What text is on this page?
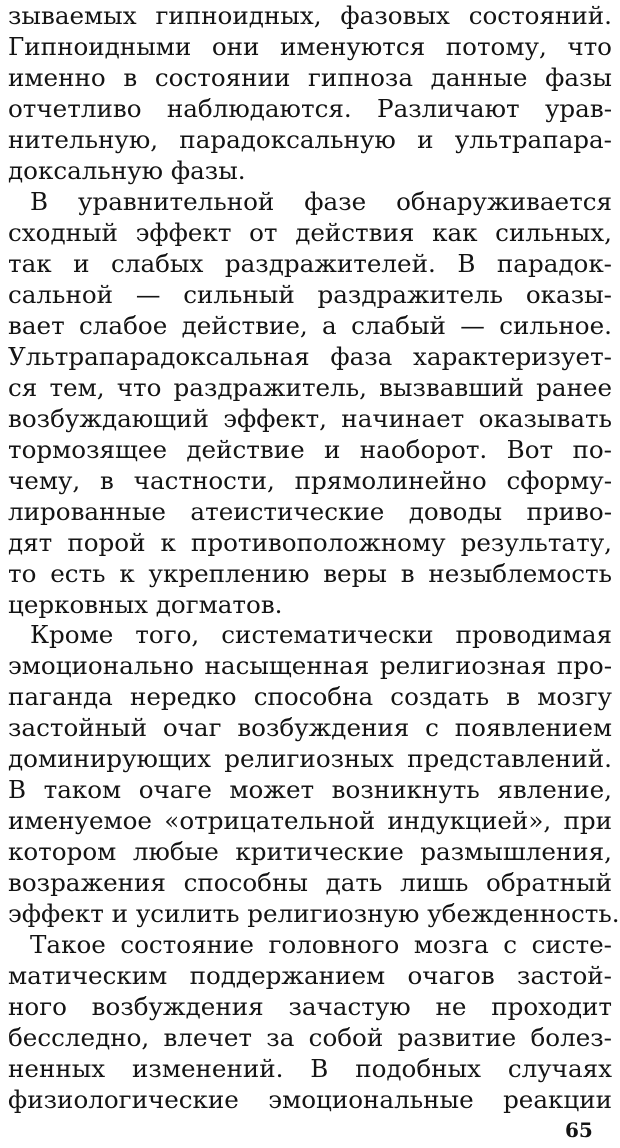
зываемых гипноидных, фазовых состояний.
Гипноидными они именуются потому, что
именно в состоянии гипноза данные фазы
отчетливо наблюдаются. Различают урав-
нительную, парадоксальную и ультрапара-
доксальную фазы.
В уравнительной фазе обнаруживается
сходный эффект от действия как сильных,
так и слабых раздражителей. В парадок-
сальной — сильный раздражитель оказы-
вает слабое действие, а слабый — сильное.
Ультрапарадоксальная фаза характеризует-
ся тем, что раздражитель, вызвавший ранее
возбуждающий эффект, начинает оказывать
тормозящее действие и наоборот. Вот по-
чему, в частности, прямолинейно сформу-
лированные атеистические доводы приво-
дят порой к противоположному результату,
то есть к укреплению веры в незыблемость
церковных догматов.
Кроме того, систематически проводимая
эмоционально насыщенная религиозная про-
паганда нередко способна создать в мозгу
застойный очаг возбуждения с появлением
доминирующих религиозных представлений.
В таком очаге может возникнуть явление,
именуемое «отрицательной индукцией», при
котором любые критические размышления,
возражения способны дать лишь обратный
эффект и усилить религиозную убежденность.
Такое состояние головного мозга с систе-
матическим поддержанием очагов застой-
ного возбуждения зачастую не проходит
бесследно, влечет за собой развитие болез-
ненных изменений. В подобных случаях
физиологические эмоциональные реакции
65
